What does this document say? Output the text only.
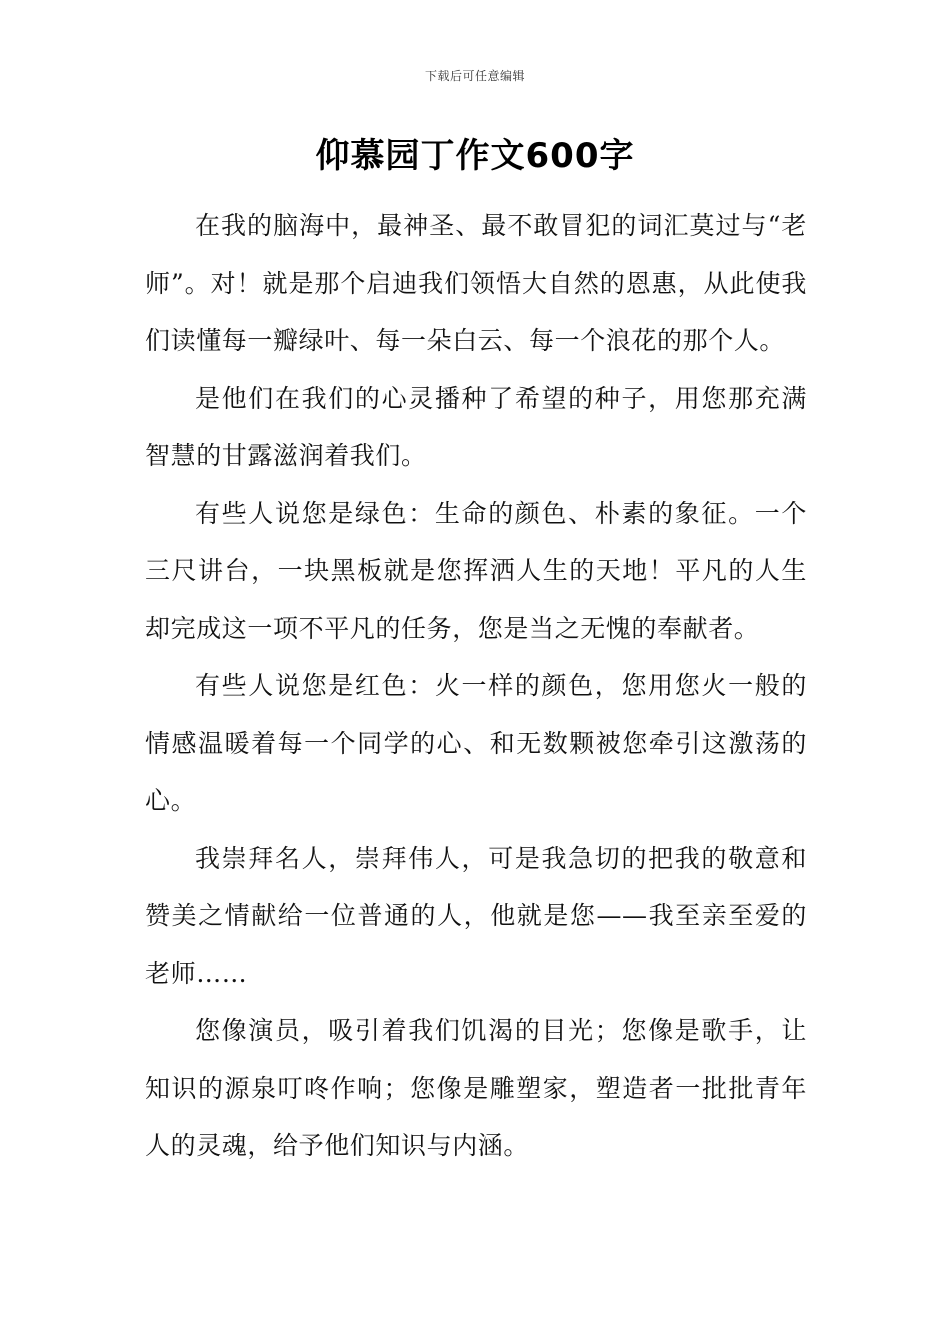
下载后可任意编辑
仰慕园丁作文600字

在我的脑海中，最神圣、最不敢冒犯的词汇莫过与“老师”。对！就是那个启迪我们领悟大自然的恩惠，从此使我们读懂每一瓣绿叶、每一朵白云、每一个浪花的那个人。

是他们在我们的心灵播种了希望的种子，用您那充满智慧的甘露滋润着我们。

有些人说您是绿色：生命的颜色、朴素的象征。一个三尺讲台，一块黑板就是您挥洒人生的天地！平凡的人生却完成这一项不平凡的任务，您是当之无愧的奉献者。

有些人说您是红色：火一样的颜色，您用您火一般的情感温暖着每一个同学的心、和无数颗被您牵引这激荡的心。

我崇拜名人，崇拜伟人，可是我急切的把我的敬意和赞美之情献给一位普通的人，他就是您——我至亲至爱的老师……

您像演员，吸引着我们饥渴的目光；您像是歌手，让知识的源泉叮咚作响；您像是雕塑家，塑造者一批批青年人的灵魂，给予他们知识与内涵。
